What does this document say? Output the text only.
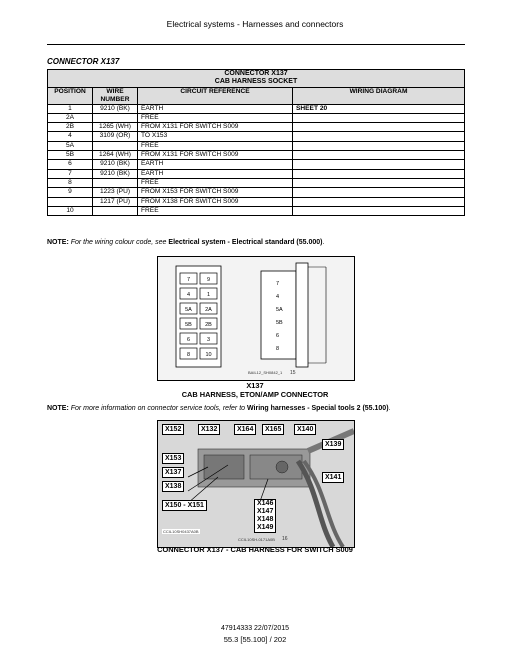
Electrical systems - Harnesses and connectors
CONNECTOR X137
CONNECTOR X137			
CAB HARNESS SOCKET			
POSITION	WIRE NUMBER	CIRCUIT REFERENCE	WIRING DIAGRAM
1	9210 (BK)	EARTH	SHEET 20
2A		FREE	
2B	1265 (WH)	FROM X131 FOR SWITCH S009	
4	3109 (OR)	TO X153	
5A		FREE	
5B	1264 (WH)	FROM X131 FOR SWITCH S009	
6	9210 (BK)	EARTH	
7	9210 (BK)	EARTH	
8		FREE	
9	1223 (PU)	FROM X153 FOR SWITCH S009	
	1217 (PU)	FROM X138 FOR SWITCH S009	
10		FREE	
NOTE: For the wiring colour code, see Electrical system - Electrical standard (55.000).
7	9
4	1
5A 2A
5B 2B
6	3
8	10
7
4
5A
5B
6
8
BAIL12_SH0842_1 15
X137
CAB HARNESS, ETON/AMP CONNECTOR
NOTE: For more information on connector service tools, refer to Wiring harnesses - Special tools 2 (55.100).
X152	X132	X164	X165	X140
X153
X137
X138
X150 - X151
X139
X141
X146
X147
X148
X149
CCIL10SH0437A0B
CCIL10SH-0171A0B 16
CONNECTOR X137 - CAB HARNESS FOR SWITCH S009
47914333 22/07/2015
55.3 [55.100] / 202
